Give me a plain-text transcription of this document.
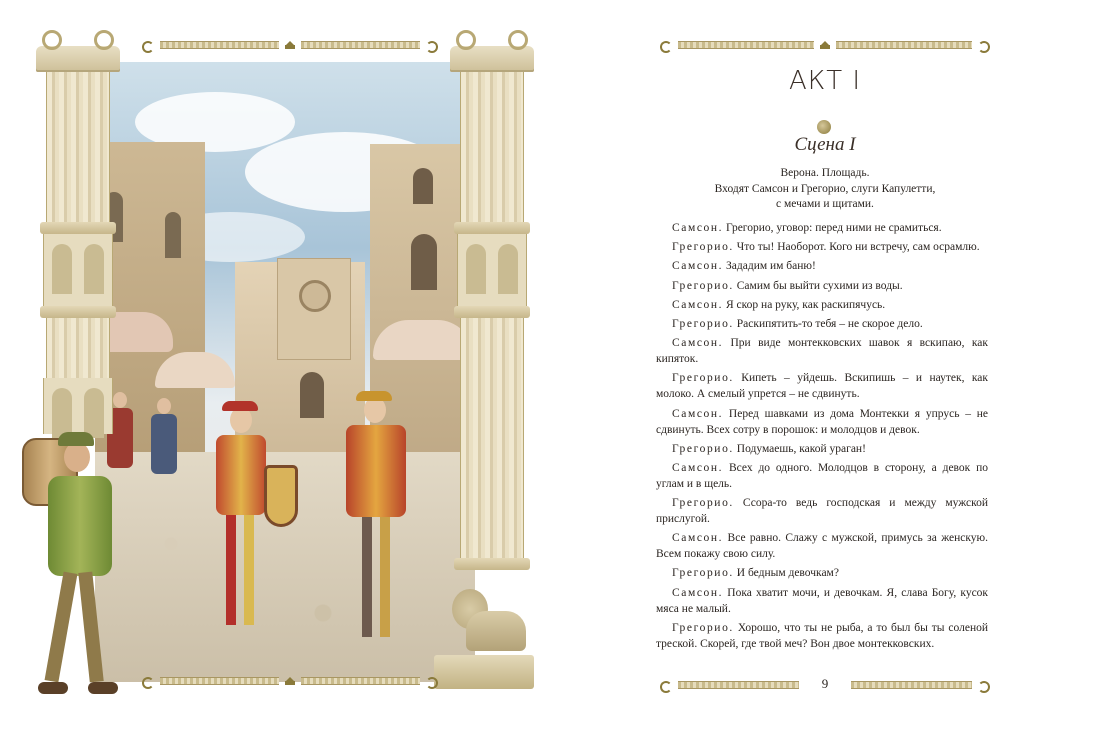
АКТ I
Сцена I
Верона. Площадь.
Входят Самсон и Грегорио, слуги Капулетти,
с мечами и щитами.

Самсон. Грегорио, уговор: перед ними не срамиться.

Грегорио. Что ты! Наоборот. Кого ни встречу, сам осрамлю.

Самсон. Зададим им баню!

Грегорио. Самим бы выйти сухими из воды.

Самсон. Я скор на руку, как раскипячусь.

Грегорио. Раскипятить-то тебя – не скорое дело.

Самсон. При виде монтекковских шавок я вскипаю, как кипяток.

Грегорио. Кипеть – уйдешь. Вскипишь – и наутек, как молоко. А смелый упрется – не сдвинуть.

Самсон. Перед шавками из дома Монтекки я упрусь – не сдвинуть. Всех сотру в порошок: и молодцов и девок.

Грегорио. Подумаешь, какой ураган!

Самсон. Всех до одного. Молодцов в сторону, а девок по углам и в щель.

Грегорио. Ссора-то ведь господская и между мужской прислугой.

Самсон. Все равно. Слажу с мужской, примусь за женскую. Всем покажу свою силу.

Грегорио. И бедным девочкам?

Самсон. Пока хватит мочи, и девочкам. Я, слава Богу, кусок мяса не малый.

Грегорио. Хорошо, что ты не рыба, а то был бы ты соленой треской. Скорей, где твой меч? Вон двое монтекковских.

9
